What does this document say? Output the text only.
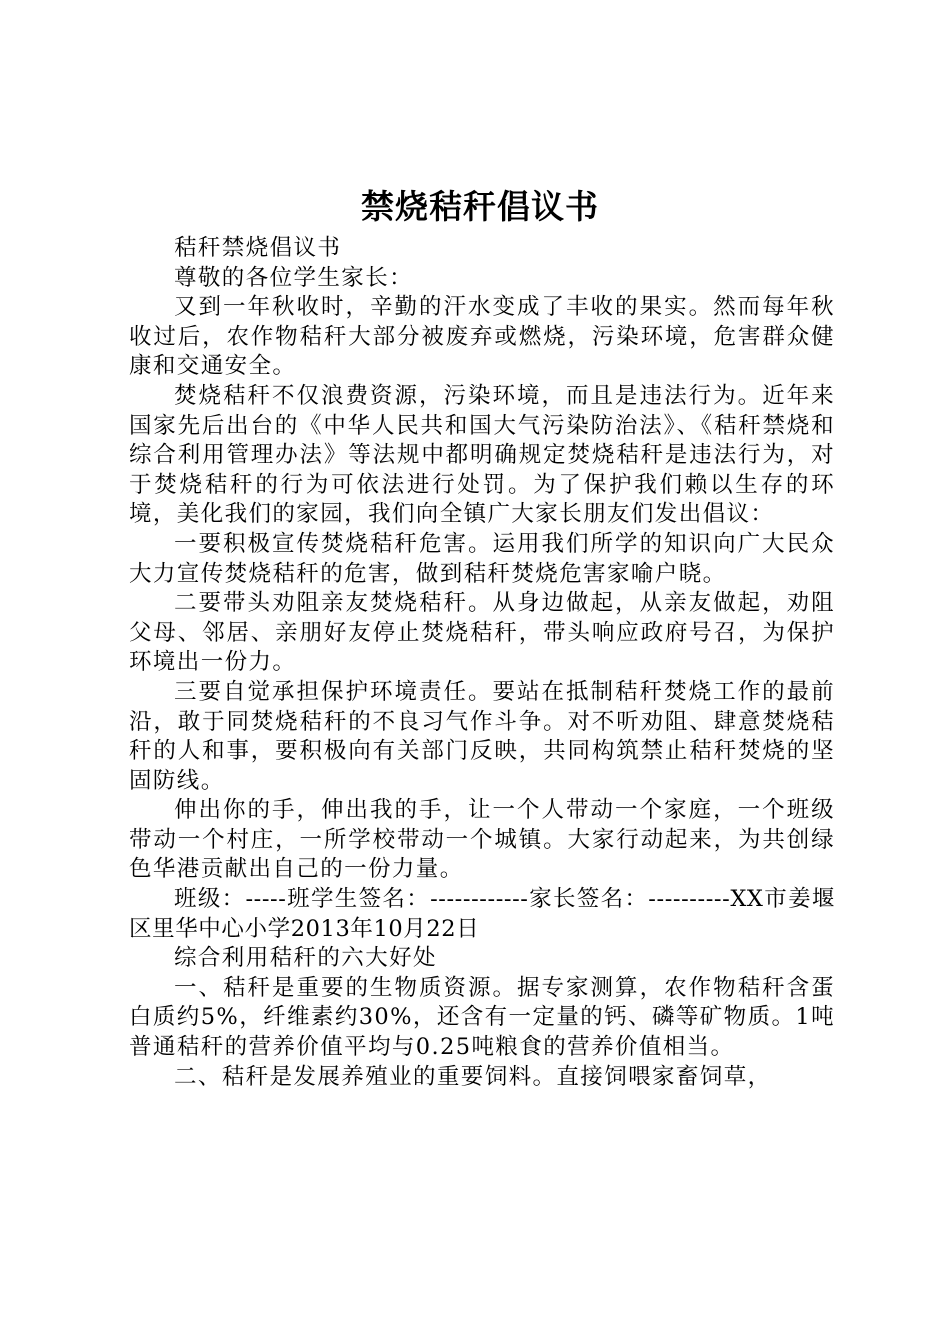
禁烧秸秆倡议书

秸秆禁烧倡议书

尊敬的各位学生家长：

又到一年秋收时，辛勤的汗水变成了丰收的果实。然而每年秋收过后，农作物秸秆大部分被废弃或燃烧，污染环境，危害群众健康和交通安全。

焚烧秸秆不仅浪费资源，污染环境，而且是违法行为。近年来国家先后出台的《中华人民共和国大气污染防治法》、《秸秆禁烧和综合利用管理办法》等法规中都明确规定焚烧秸秆是违法行为，对于焚烧秸秆的行为可依法进行处罚。为了保护我们赖以生存的环境，美化我们的家园，我们向全镇广大家长朋友们发出倡议：

一要积极宣传焚烧秸秆危害。运用我们所学的知识向广大民众大力宣传焚烧秸秆的危害，做到秸秆焚烧危害家喻户晓。

二要带头劝阻亲友焚烧秸秆。从身边做起，从亲友做起，劝阻父母、邻居、亲朋好友停止焚烧秸秆，带头响应政府号召，为保护环境出一份力。

三要自觉承担保护环境责任。要站在抵制秸秆焚烧工作的最前沿，敢于同焚烧秸秆的不良习气作斗争。对不听劝阻、肆意焚烧秸秆的人和事，要积极向有关部门反映，共同构筑禁止秸秆焚烧的坚固防线。

伸出你的手，伸出我的手，让一个人带动一个家庭，一个班级带动一个村庄，一所学校带动一个城镇。大家行动起来，为共创绿色华港贡献出自己的一份力量。

班级：-----班学生签名：------------家长签名：----------XX市姜堰区里华中心小学2013年10月22日

综合利用秸秆的六大好处

一、秸秆是重要的生物质资源。据专家测算，农作物秸秆含蛋白质约5%，纤维素约30%，还含有一定量的钙、磷等矿物质。1吨普通秸秆的营养价值平均与0.25吨粮食的营养价值相当。

二、秸秆是发展养殖业的重要饲料。直接饲喂家畜饲草，
